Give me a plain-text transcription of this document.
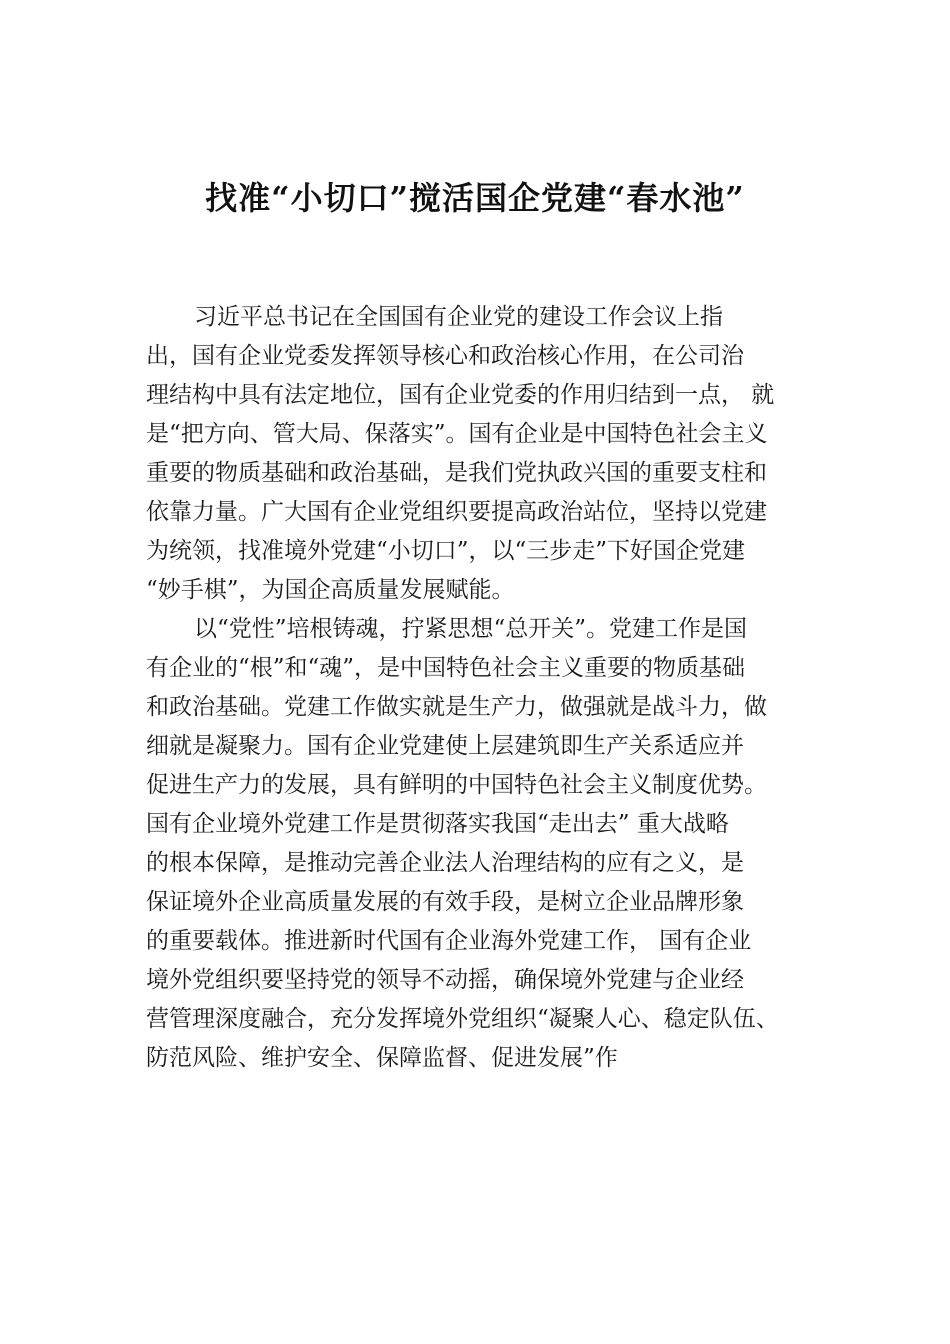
找准“小切口”搅活国企党建“春水池”
习近平总书记在全国国有企业党的建设工作会议上指
出，国有企业党委发挥领导核心和政治核心作用，在公司治
理结构中具有法定地位，国有企业党委的作用归结到一点， 就
是“把方向、管大局、保落实”。国有企业是中国特色社会主义
重要的物质基础和政治基础，是我们党执政兴国的重要支柱和
依靠力量。广大国有企业党组织要提高政治站位，坚持以党建
为统领，找准境外党建“小切口”，以“三步走”下好国企党建
“妙手棋”，为国企高质量发展赋能。
以“党性”培根铸魂，拧紧思想“总开关”。党建工作是国
有企业的“根”和“魂”，是中国特色社会主义重要的物质基础
和政治基础。党建工作做实就是生产力，做强就是战斗力，做
细就是凝聚力。国有企业党建使上层建筑即生产关系适应并
促进生产力的发展，具有鲜明的中国特色社会主义制度优势。
国有企业境外党建工作是贯彻落实我国“走出去” 重大战略
的根本保障，是推动完善企业法人治理结构的应有之义，是
保证境外企业高质量发展的有效手段，是树立企业品牌形象
的重要载体。推进新时代国有企业海外党建工作， 国有企业
境外党组织要坚持党的领导不动摇，确保境外党建与企业经
营管理深度融合，充分发挥境外党组织“凝聚人心、稳定队伍、
防范风险、维护安全、保障监督、促进发展”作
